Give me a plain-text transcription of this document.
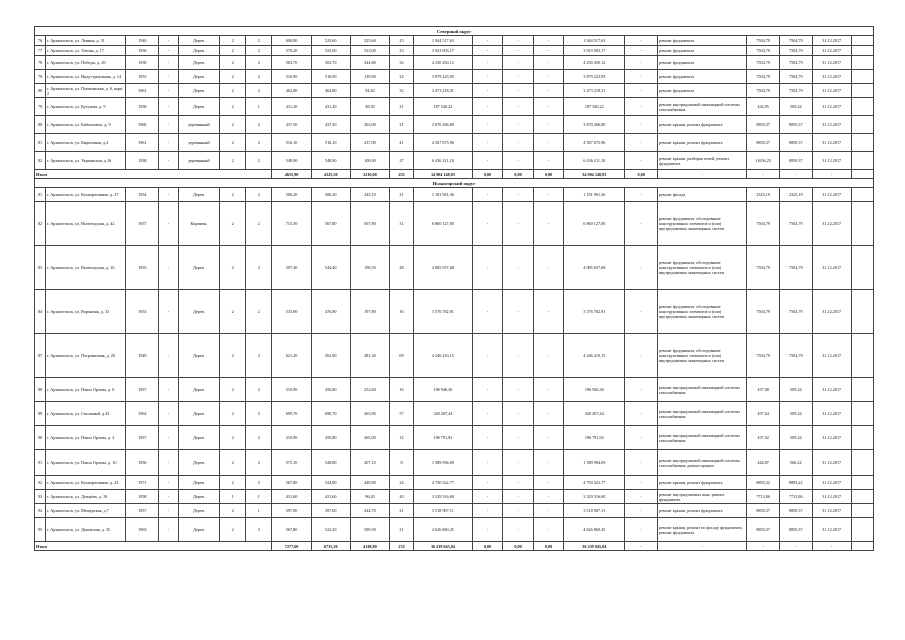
Северный округ																					
76	г. Архангельск, ул. Ленина, д. 31	1940	-	Дерев.	2	2	608,80	525,60	525,60	25	1 944 517,63	-	-	-	1 944 517,63	-	ремонт фундамента	7504,79	7504,79	31.12.2017	
77	г. Архангельск, ул. Титова, д. 17	1936	-	Дерев.	2	2	570,20	523,00	523,00	23	3 923 003,17	-	-	-	3 923 003,17	-	ремонт фундамента	7504,79	7504,79	31.12.2017	
78	г. Архангельск, ул. Победы, д. 20	1938	-	Дерев.	2	2	503,70	503,70	344,80	32	4 230 450,12	-	-	-	4 230 450,12	-	ремонт фундамента	7504,79	7504,79	31.12.2017	
79	г. Архангельск, ул. Индустриальная, д. 14	1953	-	Дерев.	2	2	516,90	516,90	139,90	24	3 879 223,95	-	-	-	3 879 223,95	-	ремонт фундамента	7504,79	7504,79	31.12.2017	
80	г. Архангельск, ул. Пушкинская, д. 6, корп. 2	1961	-	Дерев.	2	2	462,80	462,80	94,40	32	3 473 218,31	-	-	-	3 473 218,31	-	ремонт фундамента	7504,79	7504,79	31.12.2017	
79	г. Архангельск, ул. Кутузова, д. 9	1958	-	Дерев.	2	1	431,20	431,20	48,50	21	187 540,22	-	-	-	187 540,22	-	ремонт внутридомовой инженерной системы газоснабжения	434,95	509,24	31.12.2017	
80	г. Архангельск, ул. Кибальчича, д. 9	1960	-	деревянный	2	2	437,50	437,50	263,00	21	3 870 266,80	-	-	-	3 870 266,80	-	ремонт крыши, ремонт фундамента	8850,37	8850,37	31.12.2017	
81	г. Архангельск, ул. Кирпичная, д.4	1961	-	деревянный	2	2	516,10	516,10	237,00	41	4 567 675,96	-	-	-	4 567 675,96	-	ремонт крыши, ремонт фундамента	8850,37	8850,37	31.12.2017	
82	г. Архангельск, ул. Украинская, д.16	1938	-	деревянный	2	2	548,90	548,90	100,00	27	6 436 211,18	-	-	-	6 436 211,18	-	ремонт крыши, разборка печей, ремонт фундамента	11656,25	8850,37	31.12.2017	
Итого							4655,90	4325,50	2210,00	253	34 904 148,83	0,00	0,00	0,00	34 904 148,83	0,00	-	-	-	-	
Исакогорский округ																					
81	г. Архангельск, ул. Кооперативная, д. 27	1954	-	Дерев.	2	2	500,20	500,20	245,10	21	1 181 961,36	-	-	-	1 181 961,36	-	ремонт фасада	2325,19	2325,19	31.12.2017	
82	г. Архангельск, ул. Вычегодская, д. 42	1957	-	Кирпичн.	2	2	715,50	567,80	567,80	31	6 860 127,00	-	-	-	6 860 127,00	-	ремонт фундамента, обследование конструктивных элементов и (или) внутридомовых инженерных систем	7504,79	7504,79	31.12.2017	
83	г. Архангельск, ул. Вычегодская, д. 16	1955	-	Дерев.	2	2	597,40	544,40	196,50	28	4 085 657,68	-	-	-	4 085 657,68	-	ремонт фундамента, обследование конструктивных элементов и (или) внутридомовых инженерных систем	7504,79	7504,79	31.12.2017	
84	г. Архангельск, ул. Воронина, д. 33	1953	-	Дерев.	2	2	533,90	476,80	197,80	16	3 576 782,91	-	-	-	3 576 782,91	-	ремонт фундамента, обследование конструктивных элементов и (или) внутридомовых инженерных систем	7504,79	7504,79	31.12.2017	
87	г. Архангельск, ул. Пограничная, д. 20	1949	-	Дерев.	2	2	621,20	563,90	481,30	09	4 246 210,15	-	-	-	4 246 210,15	-	ремонт фундамента, обследование конструктивных элементов и (или) внутридомовых инженерных систем	7504,79	7504,79	31.12.2017	
88	г. Архангельск, ул. Павла Орлова, д. 6	1957	-	Дерев.	2	2	510,90	456,80	252,60	16	196 946,36	-	-	-	196 946,36	-	ремонт внутридомовой инженерной системы газоснабжения	437,08	509,24	31.12.2017	
89	г. Архангельск, ул. Смольный, д.43	1962	-	Дерев.	2	3	699,70	690,70	263,90	57	320 207,44	-	-	-	320 207,44	-	ремонт внутридомовой инженерной системы газоснабжения	457,64	509,24	31.12.2017	
90	г. Архангельск, ул. Павла Орлова, д. 4	1957	-	Дерев.	2	2	210,90	450,80	265,00	12	196 791,92	-	-	-	196 791,92	-	ремонт внутридомовой инженерной системы газоснабжения	437,02	509,24	31.12.2017	
91	г. Архангельск, ул. Павла Орлова, д. 10	1956	-	Дерев.	2	2	575,10	528,80	207,10	8	1 589 994,09	-	-	-	1 589 994,09	-	ремонт внутридомовой инженерной системы газоснабжения, ремонт крыши	444,87	566,24	31.12.2017	
92	г. Архангельск, ул. Кооперативная, д. 23	1971	-	Дерев.	2	3	567,80	524,90	448,80	24	4 750 322,77	-	-	-	4 750 322,77	-	ремонт крыши, ремонт фундамента	8893,22	8893,22	31.12.2017	
93	г. Архангельск, ул. Дежнёва, д. 19	1958	-	Дерев.	1	1	431,60	431,60	96,20	20	3 329 316,60	-	-	-	3 329 316,60	-	ремонт внутридомовых инж. ремонт фундамента	7713,86	7713,86	31.12.2017	
94	г. Архангельск, ул. Мещерская, д.7	1957	-	Дерев.	2	1	397,00	397,00	244,70	21	3 518 907,11	-	-	-	3 518 907,11	-	ремонт крыши, ремонт фундамента	8850,37	8850,37	31.12.2017	
95	г. Архангельск, ул. Доковская, д. 35	1963	-	Дерев.	2	3	567,80	522,20	399,50	21	4 626 860,45	-	-	-	4 626 860,45	-	ремонт крыши, ремонт по фасаду фундамента, ремонт фундамента	8850,37	8850,37	31.12.2017	
Итого							7277,60	6735,20	4149,80	274	36 239 045,04	0,00	0,00	0,00	36 239 045,04	-	-	-	-	-	
